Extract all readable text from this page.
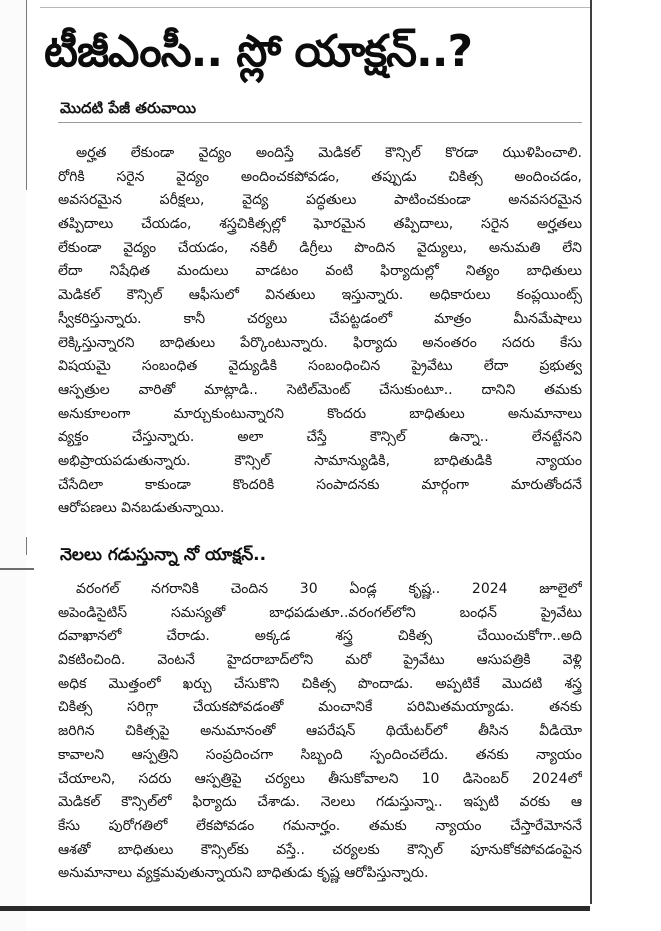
టీజీఎంసీ.. స్లో యాక్షన్..?
మొదటి పేజీ తరువాయి
అర్హత లేకుండా వైద్యం అందిస్తే మెడికల్ కౌన్సిల్ కొరడా ఝుళిపించాలి.
రోగికి సరైన వైద్యం అందించకపోవడం, తప్పుడు చికిత్స అందించడం,
అవసరమైన పరీక్షలు, వైద్య పద్ధతులు పాటించకుండా అనవసరమైన
తప్పిదాలు చేయడం, శస్త్రచికిత్సల్లో ఘోరమైన తప్పిదాలు, సరైన అర్హతలు
లేకుండా వైద్యం చేయడం, నకిలీ డిగ్రీలు పొందిన వైద్యులు, అనుమతి లేని
లేదా నిషేధిత మందులు వాడటం వంటి ఫిర్యాదుల్లో నిత్యం బాధితులు
మెడికల్ కౌన్సిల్ ఆఫీసులో వినతులు ఇస్తున్నారు. అధికారులు కంప్లయింట్స్
స్వీకరిస్తున్నారు. కానీ చర్యలు చేపట్టడంలో మాత్రం మీనమేషాలు
లెక్కిస్తున్నారని బాధితులు పేర్కొంటున్నారు. ఫిర్యాదు అనంతరం సదరు కేసు
విషయమై సంబంధిత వైద్యుడికి సంబంధించిన ప్రైవేటు లేదా ప్రభుత్వ
ఆస్పత్రుల వారితో మాట్లాడి.. సెటిల్‌మెంట్ చేసుకుంటూ.. దానిని తమకు
అనుకూలంగా మార్చుకుంటున్నారని కొందరు బాధితులు అనుమానాలు
వ్యక్తం చేస్తున్నారు. అలా చేస్తే కౌన్సిల్ ఉన్నా.. లేనట్టేనని
అభిప్రాయపడుతున్నారు. కౌన్సిల్ సామాన్యుడికి, బాధితుడికి న్యాయం
చేసేదిలా కాకుండా కొందరికి సంపాదనకు మార్గంగా మారుతోందనే
ఆరోపణలు వినబడుతున్నాయి.
నెలలు గడుస్తున్నా నో యాక్షన్..
వరంగల్ నగరానికి చెందిన 30 ఏండ్ల కృష్ణ.. 2024 జూలైలో
అపెండిసైటిస్ సమస్యతో బాధపడుతూ..వరంగల్‌లోని బంధన్ ప్రైవేటు
దవాఖానలో చేరాడు. అక్కడ శస్త్ర చికిత్స చేయించుకోగా..అది
వికటించింది. వెంటనే హైదరాబాద్‌లోని మరో ప్రైవేటు ఆసుపత్రికి వెళ్లి
అధిక మొత్తంలో ఖర్చు చేసుకొని చికిత్స పొందాడు. అప్పటికే మొదటి శస్త్ర
చికిత్స సరిగ్గా చేయకపోవడంతో మంచానికే పరిమితమయ్యాడు. తనకు
జరిగిన చికిత్సపై అనుమానంతో ఆపరేషన్ థియేటర్‌లో తీసిన వీడియో
కావాలని ఆస్పత్రిని సంప్రదించగా సిబ్బంది స్పందించలేదు. తనకు న్యాయం
చేయాలని, సదరు ఆస్పత్రిపై చర్యలు తీసుకోవాలని 10 డిసెంబర్ 2024లో
మెడికల్ కౌన్సిల్‌లో ఫిర్యాదు చేశాడు. నెలలు గడుస్తున్నా.. ఇప్పటి వరకు ఆ
కేసు పురోగతిలో లేకపోవడం గమనార్హం. తమకు న్యాయం చేస్తారేమోననే
ఆశతో బాధితులు కౌన్సిల్‌కు వస్తే.. చర్యలకు కౌన్సిల్ పూనుకోకపోవడంపైన
అనుమానాలు వ్యక్తమవుతున్నాయని బాధితుడు కృష్ణ ఆరోపిస్తున్నారు.
